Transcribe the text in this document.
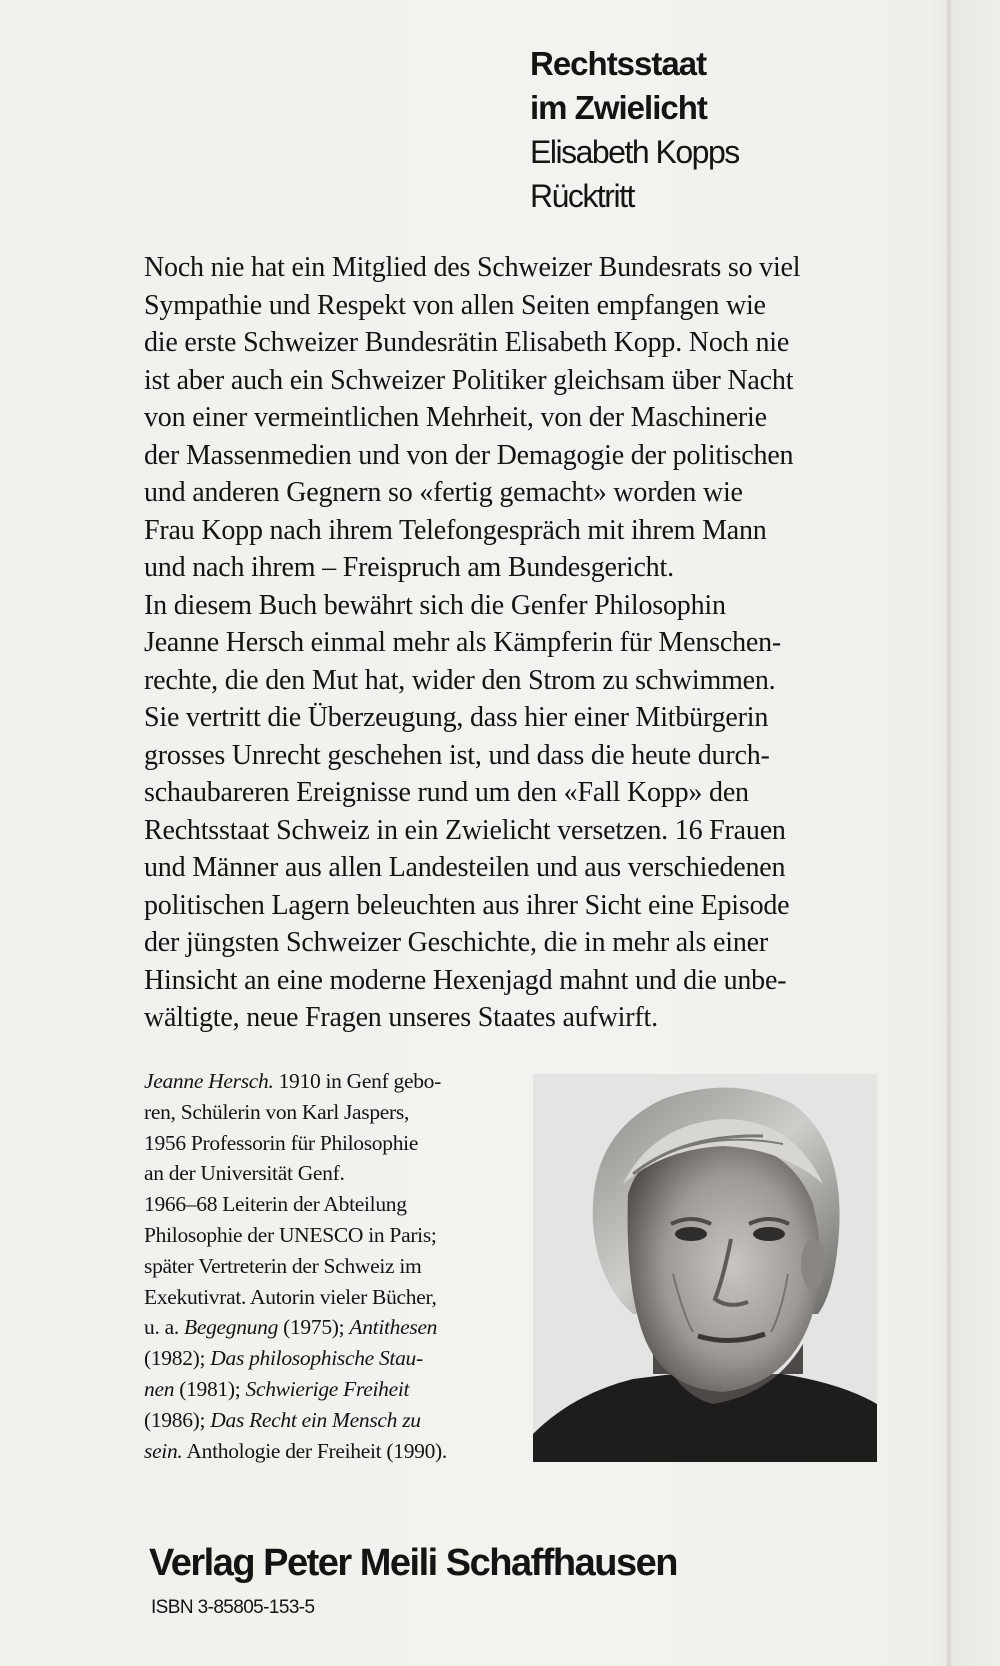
Rechtsstaat
im Zwielicht
Elisabeth Kopps
Rücktritt
Noch nie hat ein Mitglied des Schweizer Bundesrats so viel
Sympathie und Respekt von allen Seiten empfangen wie
die erste Schweizer Bundesrätin Elisabeth Kopp. Noch nie
ist aber auch ein Schweizer Politiker gleichsam über Nacht
von einer vermeintlichen Mehrheit, von der Maschinerie
der Massenmedien und von der Demagogie der politischen
und anderen Gegnern so «fertig gemacht» worden wie
Frau Kopp nach ihrem Telefongespräch mit ihrem Mann
und nach ihrem – Freispruch am Bundesgericht.
In diesem Buch bewährt sich die Genfer Philosophin
Jeanne Hersch einmal mehr als Kämpferin für Menschen-
rechte, die den Mut hat, wider den Strom zu schwimmen.
Sie vertritt die Überzeugung, dass hier einer Mitbürgerin
grosses Unrecht geschehen ist, und dass die heute durch-
schaubareren Ereignisse rund um den «Fall Kopp» den
Rechtsstaat Schweiz in ein Zwielicht versetzen. 16 Frauen
und Männer aus allen Landesteilen und aus verschiedenen
politischen Lagern beleuchten aus ihrer Sicht eine Episode
der jüngsten Schweizer Geschichte, die in mehr als einer
Hinsicht an eine moderne Hexenjagd mahnt und die unbe-
wältigte, neue Fragen unseres Staates aufwirft.
Jeanne Hersch. 1910 in Genf gebo-
ren, Schülerin von Karl Jaspers,
1956 Professorin für Philosophie
an der Universität Genf.
1966–68 Leiterin der Abteilung
Philosophie der UNESCO in Paris;
später Vertreterin der Schweiz im
Exekutivrat. Autorin vieler Bücher,
u. a. Begegnung (1975); Antithesen
(1982); Das philosophische Stau-
nen (1981); Schwierige Freiheit
(1986); Das Recht ein Mensch zu
sein. Anthologie der Freiheit (1990).
Verlag Peter Meili Schaffhausen
ISBN 3-85805-153-5
